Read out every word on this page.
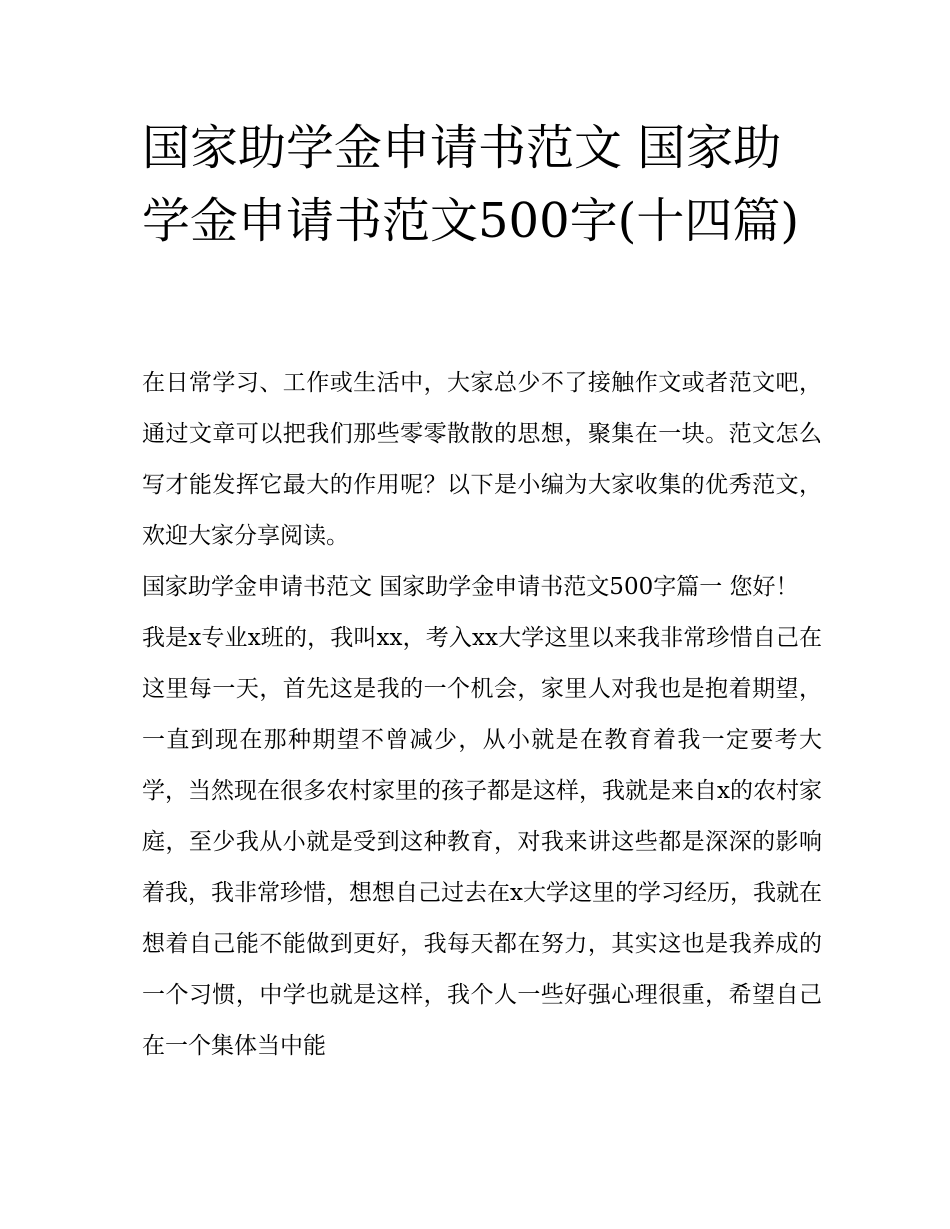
国家助学金申请书范文 国家助学金申请书范文500字(十四篇)

在日常学习、工作或生活中，大家总少不了接触作文或者范文吧，通过文章可以把我们那些零零散散的思想，聚集在一块。范文怎么写才能发挥它最大的作用呢？以下是小编为大家收集的优秀范文，欢迎大家分享阅读。

国家助学金申请书范文 国家助学金申请书范文500字篇一 您好！

我是x专业x班的，我叫xx，考入xx大学这里以来我非常珍惜自己在这里每一天，首先这是我的一个机会，家里人对我也是抱着期望，一直到现在那种期望不曾减少，从小就是在教育着我一定要考大学，当然现在很多农村家里的孩子都是这样，我就是来自x的农村家庭，至少我从小就是受到这种教育，对我来讲这些都是深深的影响着我，我非常珍惜，想想自己过去在x大学这里的学习经历，我就在想着自己能不能做到更好，我每天都在努力，其实这也是我养成的一个习惯，中学也就是这样，我个人一些好强心理很重，希望自己在一个集体当中能
